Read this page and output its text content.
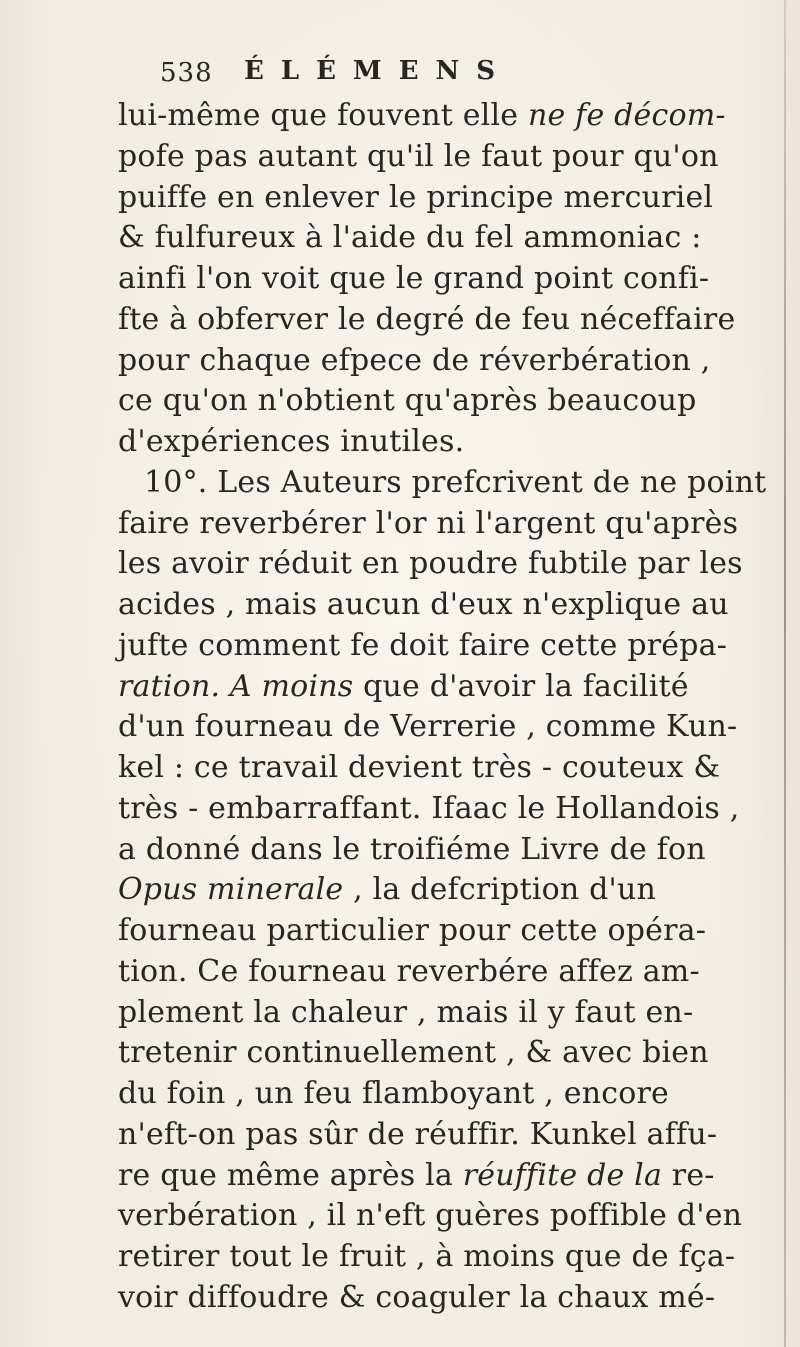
538 ÉLÉMENS
lui-même que fouvent elle ne fe décom-
pofe pas autant qu'il le faut pour qu'on
puiffe en enlever le principe mercuriel
& fulfureux à l'aide du fel ammoniac :
ainfi l'on voit que le grand point confi-
fte à obferver le degré de feu néceffaire
pour chaque efpece de réverbération ,
ce qu'on n'obtient qu'après beaucoup
d'expériences inutiles.
10°. Les Auteurs prefcrivent de ne point
faire reverbérer l'or ni l'argent qu'après
les avoir réduit en poudre fubtile par les
acides , mais aucun d'eux n'explique au
jufte comment fe doit faire cette prépa-
ration. A moins que d'avoir la facilité
d'un fourneau de Verrerie , comme Kun-
kel : ce travail devient très - couteux &
très - embarraffant. Ifaac le Hollandois ,
a donné dans le troifiéme Livre de fon
Opus minerale , la defcription d'un
fourneau particulier pour cette opéra-
tion. Ce fourneau reverbére affez am-
plement la chaleur , mais il y faut en-
tretenir continuellement , & avec bien
du foin , un feu flamboyant , encore
n'eft-on pas sûr de réuffir. Kunkel affu-
re que même après la réuffite de la re-
verbération , il n'eft guères poffible d'en
retirer tout le fruit , à moins que de fça-
voir diffoudre & coaguler la chaux mé-
